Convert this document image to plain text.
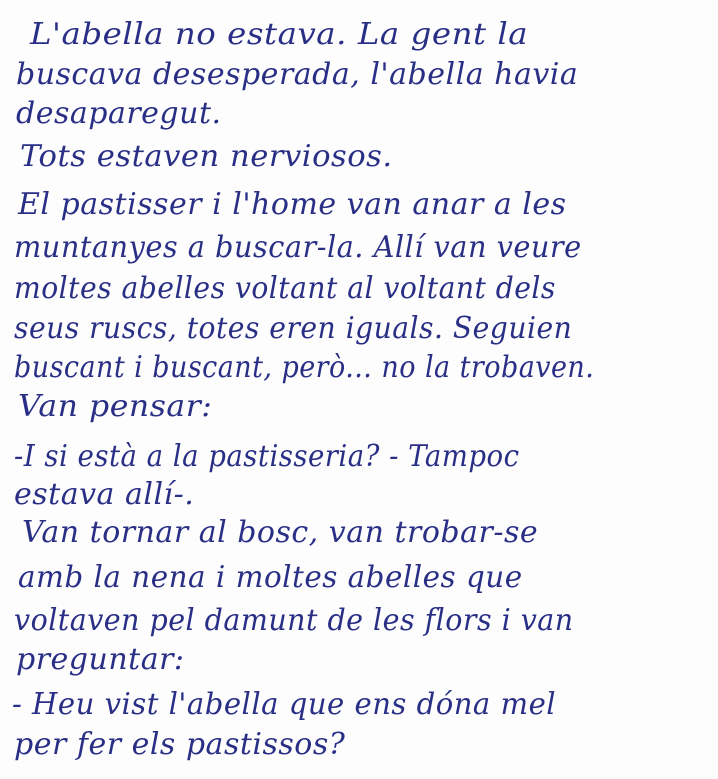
L'abella no estava. La gent la
buscava desesperada, l'abella havia
desaparegut.
Tots estaven nerviosos.
El pastisser i l'home van anar a les
muntanyes a buscar-la. Allí van veure
moltes abelles voltant al voltant dels
seus ruscs, totes eren iguals. Seguien
buscant i buscant, però... no la trobaven.
Van pensar:
-I si està a la pastisseria? - Tampoc
estava allí-.
Van tornar al bosc, van trobar-se
amb la nena i moltes abelles que
voltaven pel damunt de les flors i van
preguntar:
- Heu vist l'abella que ens dóna mel
per fer els pastissos?
